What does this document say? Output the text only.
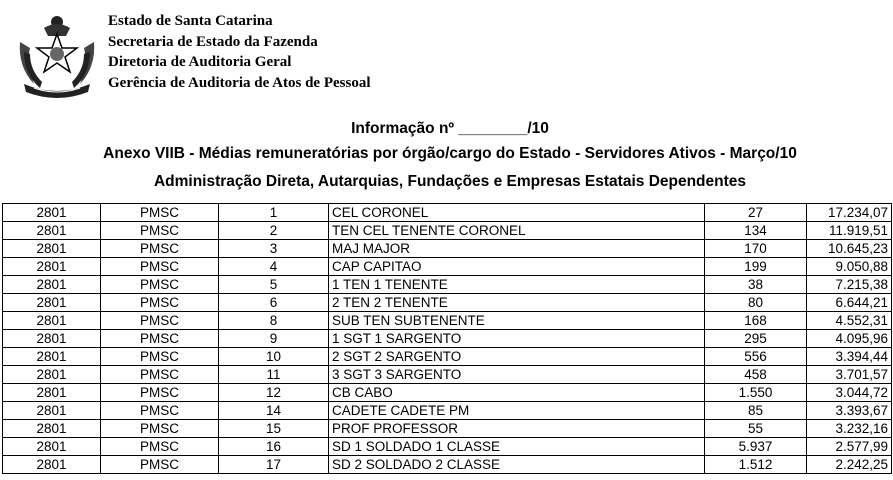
Estado de Santa Catarina
Secretaria de Estado da Fazenda
Diretoria de Auditoria Geral
Gerência de Auditoria de Atos de Pessoal
Informação nº ________/10
Anexo VIIB - Médias remuneratórias por órgão/cargo do Estado - Servidores Ativos - Março/10
Administração Direta, Autarquias, Fundações e Empresas Estatais Dependentes
2801	PMSC	1	CEL CORONEL	27	17.234,07
2801	PMSC	2	TEN CEL TENENTE CORONEL	134	11.919,51
2801	PMSC	3	MAJ MAJOR	170	10.645,23
2801	PMSC	4	CAP CAPITAO	199	9.050,88
2801	PMSC	5	1 TEN 1 TENENTE	38	7.215,38
2801	PMSC	6	2 TEN 2 TENENTE	80	6.644,21
2801	PMSC	8	SUB TEN SUBTENENTE	168	4.552,31
2801	PMSC	9	1 SGT 1 SARGENTO	295	4.095,96
2801	PMSC	10	2 SGT 2 SARGENTO	556	3.394,44
2801	PMSC	11	3 SGT 3 SARGENTO	458	3.701,57
2801	PMSC	12	CB CABO	1.550	3.044,72
2801	PMSC	14	CADETE CADETE PM	85	3.393,67
2801	PMSC	15	PROF PROFESSOR	55	3.232,16
2801	PMSC	16	SD 1 SOLDADO 1 CLASSE	5.937	2.577,99
2801	PMSC	17	SD 2 SOLDADO 2 CLASSE	1.512	2.242,25
